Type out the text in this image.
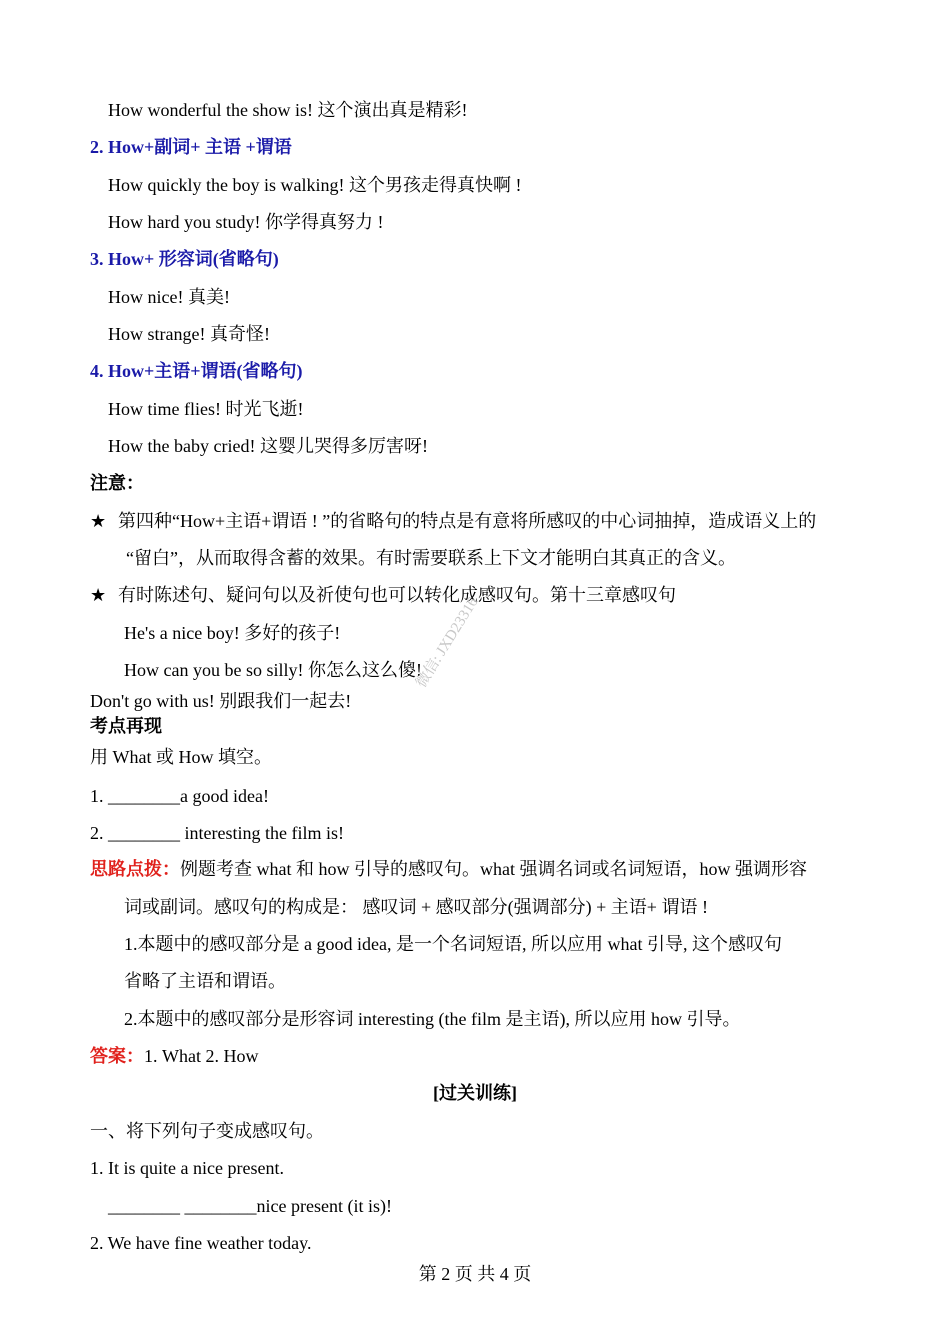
How wonderful the show is! 这个演出真是精彩!
2. How+副词+ 主语 +谓语
How quickly the boy is walking! 这个男孩走得真快啊 !
How hard you study! 你学得真努力 !
3. How+ 形容词(省略句)
How nice! 真美!
How strange! 真奇怪!
4. How+主语+谓语(省略句)
How time flies! 时光飞逝!
How the baby cried! 这婴儿哭得多厉害呀!
注意：
★ 第四种“How+主语+谓语 ! ”的省略句的特点是有意将所感叹的中心词抽掉，造成语义上的
“留白”，从而取得含蓄的效果。有时需要联系上下文才能明白其真正的含义。
★ 有时陈述句、疑问句以及祈使句也可以转化成感叹句。第十三章感叹句
He's a nice boy! 多好的孩子!
How can you be so silly! 你怎么这么傻!
Don't go with us! 别跟我们一起去!
考点再现
用 What 或 How 填空。
1. ________a good idea!
2. ________ interesting the film is!
思路点拨：例题考查 what 和 how 引导的感叹句。what 强调名词或名词短语，how 强调形容
词或副词。感叹句的构成是： 感叹词 + 感叹部分(强调部分) + 主语+ 谓语 !
1.本题中的感叹部分是 a good idea, 是一个名词短语, 所以应用 what 引导, 这个感叹句
省略了主语和谓语。
2.本题中的感叹部分是形容词 interesting (the film 是主语), 所以应用 how 引导。
答案：1. What 2. How
[过关训练]
一、将下列句子变成感叹句。
1. It is quite a nice present.
________ ________nice present (it is)!
2. We have fine weather today.
第 2 页 共 4 页
微信: JXD23316
